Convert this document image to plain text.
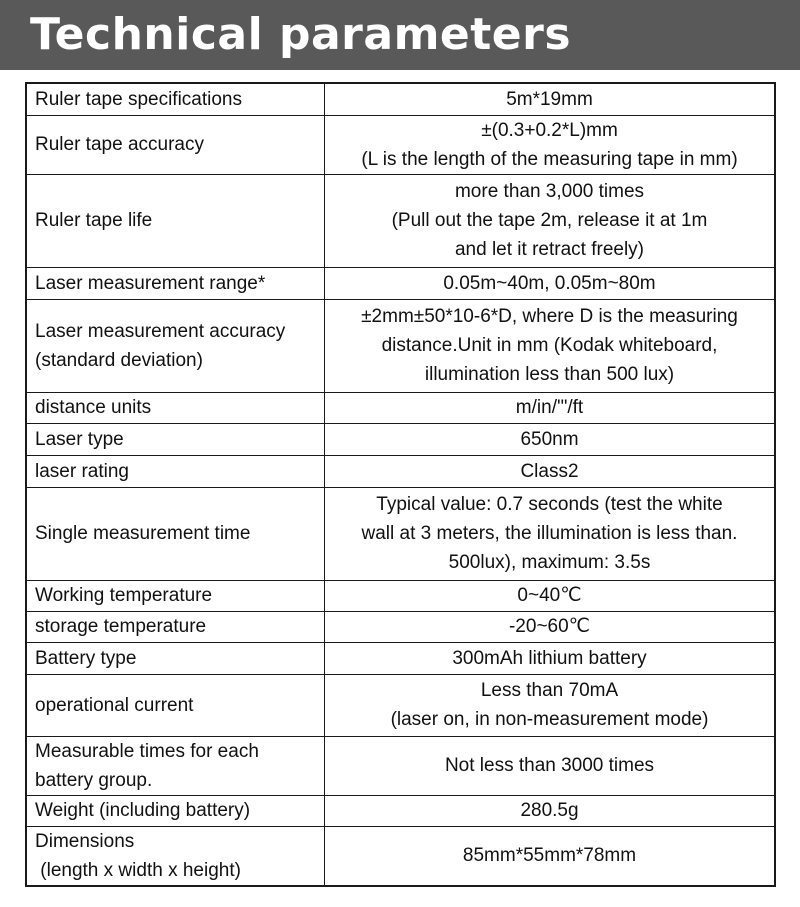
Technical parameters
Ruler tape specifications	5m*19mm

Ruler tape accuracy	±(0.3+0.2*L)mm
(L is the length of the measuring tape in mm)

Ruler tape life	more than 3,000 times
(Pull out the tape 2m, release it at 1m
and let it retract freely)

Laser measurement range*	0.05m~40m, 0.05m~80m

Laser measurement accuracy
(standard deviation)	±2mm±50*10-6*D, where D is the measuring
distance.Unit in mm (Kodak whiteboard,
illumination less than 500 lux)

distance units	m/in/'"/ft

Laser type	650nm

laser rating	Class2

Single measurement time	Typical value: 0.7 seconds (test the white
wall at 3 meters, the illumination is less than.
500lux), maximum: 3.5s

Working temperature	0~40℃

storage temperature	-20~60℃

Battery type	300mAh lithium battery

operational current	Less than 70mA
(laser on, in non-measurement mode)

Measurable times for each
battery group.	Not less than 3000 times

Weight (including battery)	280.5g

Dimensions
(length x width x height)	85mm*55mm*78mm
